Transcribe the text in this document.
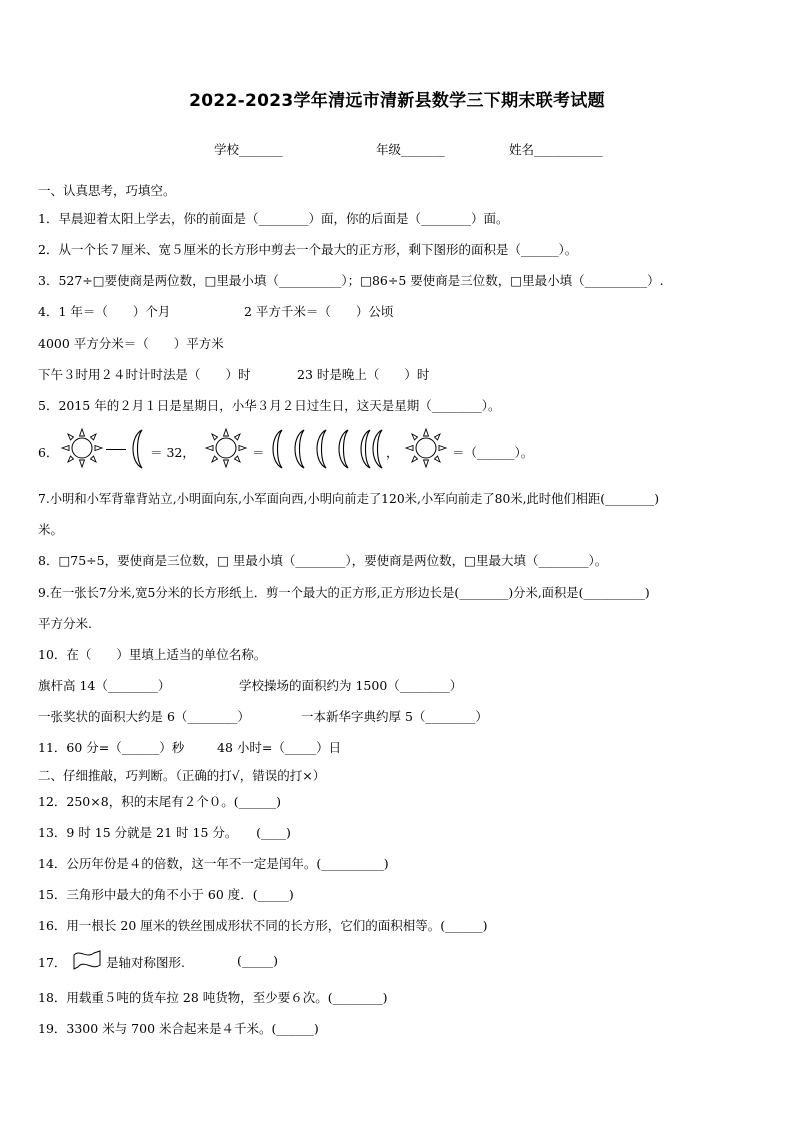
2022-2023学年清远市清新县数学三下期末联考试题
学校_______	年级_______	姓名___________
一、认真思考，巧填空。
1．早晨迎着太阳上学去，你的前面是（________）面，你的后面是（________）面。
2．从一个长７厘米、宽５厘米的长方形中剪去一个最大的正方形，剩下图形的面积是（______）。
3．527÷□要使商是两位数，□里最小填（__________）；□86÷5 要使商是三位数，□里最小填（__________）.
4．1 年＝（　　）个月	2 平方千米＝（　　）公顷
4000 平方分米＝（　　）平方米
下午３时用２４时计时法是（　　）时	23 时是晚上（　　）时
5．2015 年的２月１日是星期日，小华３月２日过生日，这天是星期（________）。
6．	＝ 32，	＝	，	＝（______）。
7.小明和小军背靠背站立,小明面向东,小军面向西,小明向前走了120米,小军向前走了80米,此时他们相距(________)
米。
8．□75÷5，要使商是三位数，□ 里最小填（________），要使商是两位数，□里最大填（________）。
9.在一张长7分米,宽5分米的长方形纸上．剪一个最大的正方形,正方形边长是(________)分米,面积是(__________)
平方分米.
10．在（　　）里填上适当的单位名称。
旗杆高 14（________）	学校操场的面积约为 1500（________）
一张奖状的面积大约是 6（________）	一本新华字典约厚 5（________）
11．60 分=（______）秒	48 小时=（_____）日
二、仔细推敲，巧判断。（正确的打√，错误的打×）
12．250×8，积的末尾有２个０。(______)
13．9 时 15 分就是 21 时 15 分。　　(____)
14．公历年份是４的倍数，这一年不一定是闰年。(__________)
15．三角形中最大的角不小于 60 度．(_____)
16．用一根长 20 厘米的铁丝围成形状不同的长方形，它们的面积相等。(______)
17．	是轴对称图形.	(_____)
18．用载重５吨的货车拉 28 吨货物，至少要６次。(________)
19．3300 米与 700 米合起来是４千米。(______)
